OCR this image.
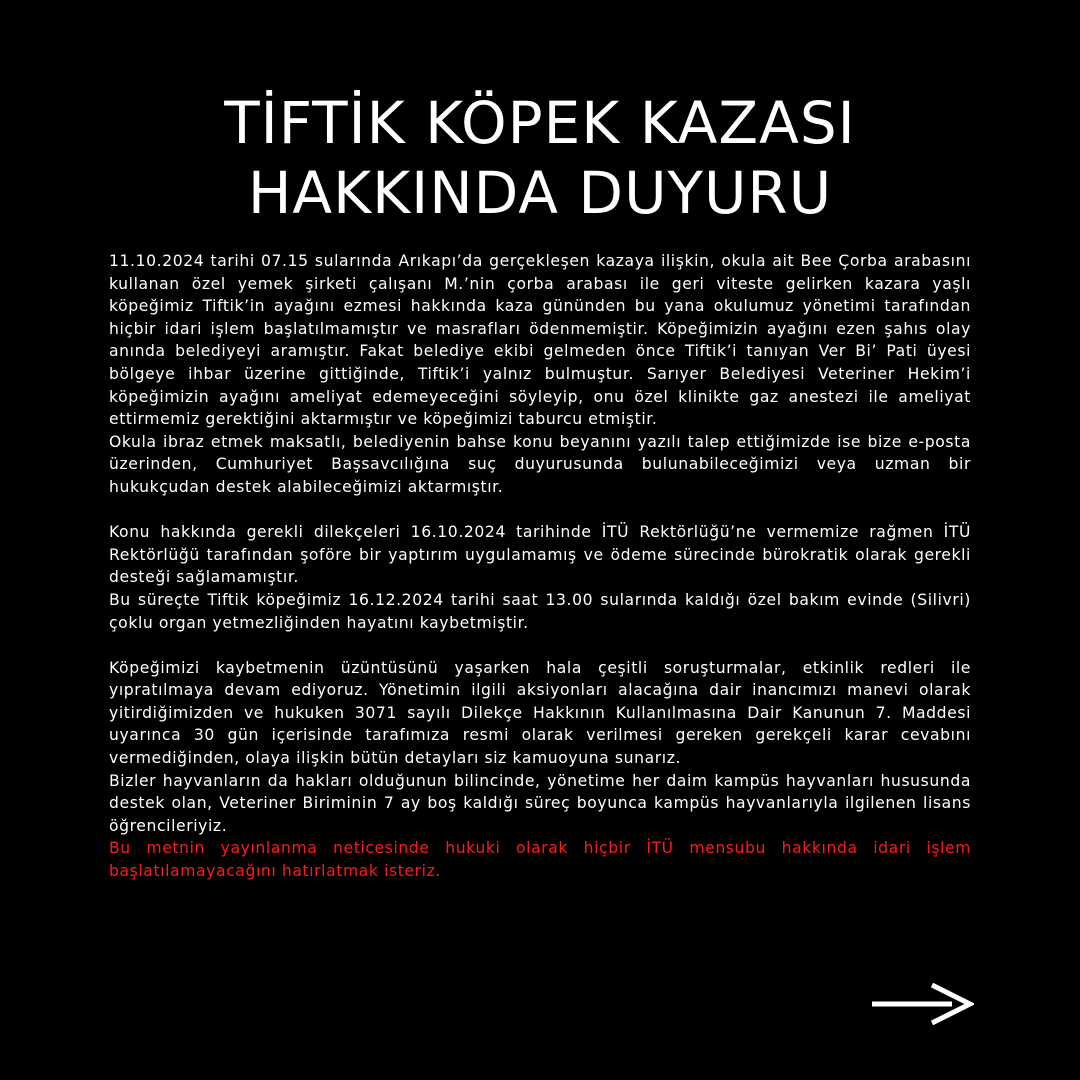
TİFTİK KÖPEK KAZASI
HAKKINDA DUYURU

11.10.2024 tarihi 07.15 sularında Arıkapı’da gerçekleşen kazaya ilişkin, okula ait Bee Çorba arabasını kullanan özel yemek şirketi çalışanı M.’nin çorba arabası ile geri viteste gelirken kazara yaşlı köpeğimiz Tiftik’in ayağını ezmesi hakkında kaza gününden bu yana okulumuz yönetimi tarafından hiçbir idari işlem başlatılmamıştır ve masrafları ödenmemiştir. Köpeğimizin ayağını ezen şahıs olay anında belediyeyi aramıştır. Fakat belediye ekibi gelmeden önce Tiftik’i tanıyan Ver Bi’ Pati üyesi bölgeye ihbar üzerine gittiğinde, Tiftik’i yalnız bulmuştur. Sarıyer Belediyesi Veteriner Hekim’i köpeğimizin ayağını ameliyat edemeyeceğini söyleyip, onu özel klinikte gaz anestezi ile ameliyat ettirmemiz gerektiğini aktarmıştır ve köpeğimizi taburcu etmiştir.

Okula ibraz etmek maksatlı, belediyenin bahse konu beyanını yazılı talep ettiğimizde ise bize e-posta üzerinden, Cumhuriyet Başsavcılığına suç duyurusunda bulunabileceğimizi veya uzman bir hukukçudan destek alabileceğimizi aktarmıştır.

Konu hakkında gerekli dilekçeleri 16.10.2024 tarihinde İTÜ Rektörlüğü’ne vermemize rağmen İTÜ Rektörlüğü tarafından şoföre bir yaptırım uygulamamış ve ödeme sürecinde bürokratik olarak gerekli desteği sağlamamıştır.

Bu süreçte Tiftik köpeğimiz 16.12.2024 tarihi saat 13.00 sularında kaldığı özel bakım evinde (Silivri) çoklu organ yetmezliğinden hayatını kaybetmiştir.

Köpeğimizi kaybetmenin üzüntüsünü yaşarken hala çeşitli soruşturmalar, etkinlik redleri ile yıpratılmaya devam ediyoruz. Yönetimin ilgili aksiyonları alacağına dair inancımızı manevi olarak yitirdiğimizden ve hukuken 3071 sayılı Dilekçe Hakkının Kullanılmasına Dair Kanunun 7. Maddesi uyarınca 30 gün içerisinde tarafımıza resmi olarak verilmesi gereken gerekçeli karar cevabını vermediğinden, olaya ilişkin bütün detayları siz kamuoyuna sunarız.

Bizler hayvanların da hakları olduğunun bilincinde, yönetime her daim kampüs hayvanları hususunda destek olan, Veteriner Biriminin 7 ay boş kaldığı süreç boyunca kampüs hayvanlarıyla ilgilenen lisans öğrencileriyiz.

Bu metnin yayınlanma neticesinde hukuki olarak hiçbir İTÜ mensubu hakkında idari işlem başlatılamayacağını hatırlatmak isteriz.
